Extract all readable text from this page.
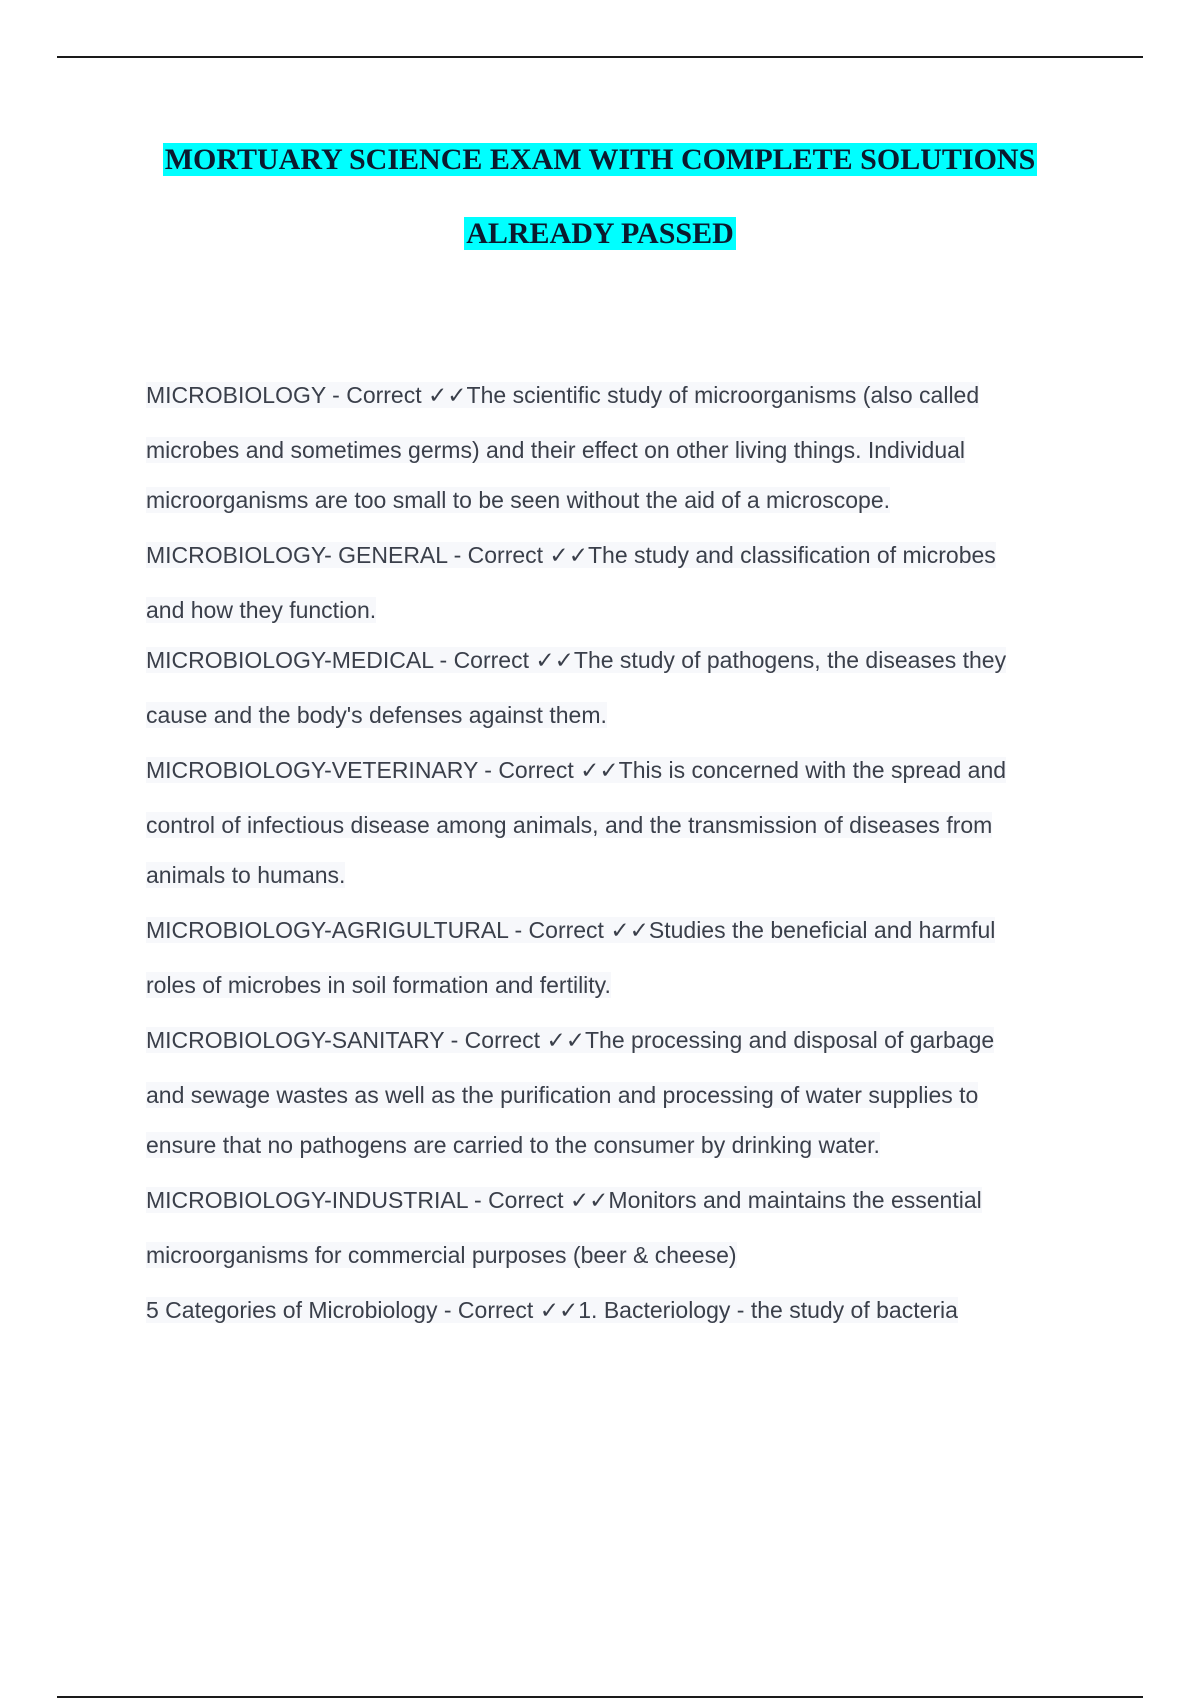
MORTUARY SCIENCE EXAM WITH COMPLETE SOLUTIONS

ALREADY PASSED

MICROBIOLOGY - Correct ✓✓The scientific study of microorganisms (also called
microbes and sometimes germs) and their effect on other living things. Individual
microorganisms are too small to be seen without the aid of a microscope.
MICROBIOLOGY- GENERAL - Correct ✓✓The study and classification of microbes
and how they function.
MICROBIOLOGY-MEDICAL - Correct ✓✓The study of pathogens, the diseases they
cause and the body's defenses against them.
MICROBIOLOGY-VETERINARY - Correct ✓✓This is concerned with the spread and
control of infectious disease among animals, and the transmission of diseases from
animals to humans.
MICROBIOLOGY-AGRIGULTURAL - Correct ✓✓Studies the beneficial and harmful
roles of microbes in soil formation and fertility.
MICROBIOLOGY-SANITARY - Correct ✓✓The processing and disposal of garbage
and sewage wastes as well as the purification and processing of water supplies to
ensure that no pathogens are carried to the consumer by drinking water.
MICROBIOLOGY-INDUSTRIAL - Correct ✓✓Monitors and maintains the essential
microorganisms for commercial purposes (beer & cheese)
5 Categories of Microbiology - Correct ✓✓1. Bacteriology - the study of bacteria
